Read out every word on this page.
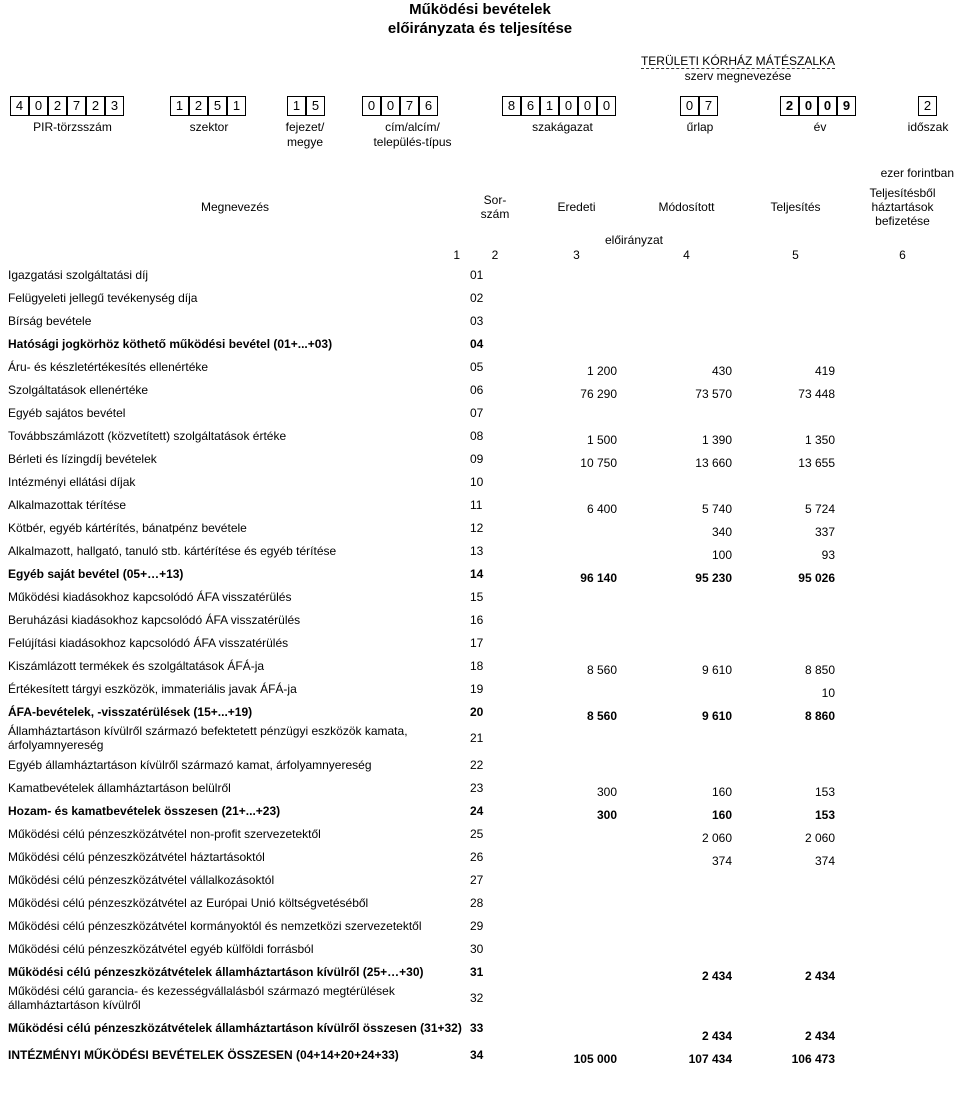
Működési bevételek
előirányzata és teljesítése
TERÜLETI KÓRHÁZ MÁTÉSZALKA
szerv megnevezése
4 0 2 7 2 3	1 2 5 1	1 5	0 0 7 6	8 6 1 0 0 0	0 7	2 0 0 9	2
PIR-törzsszám	szektor	fejezet/
megye
cím/alcím/
település-típus
szakágazat	űrlap	év	időszak
ezer forintban
Megnevezés	Sor-
szám	Eredeti	Módosított	Teljesítés	Teljesítésből
háztartások
befizetése
		előirányzat			
1	2	3	4	5	6
Igazgatási szolgáltatási díj	01				
Felügyeleti jellegű tevékenység díja	02				
Bírság bevétele	03				
Hatósági jogkörhöz köthető működési bevétel (01+...+03)	04				
Áru- és készletértékesítés ellenértéke	05	1 200	430	419	
Szolgáltatások ellenértéke	06	76 290	73 570	73 448	
Egyéb sajátos bevétel	07				
Továbbszámlázott (közvetített) szolgáltatások értéke	08	1 500	1 390	1 350	
Bérleti és lízingdíj bevételek	09	10 750	13 660	13 655	
Intézményi ellátási díjak	10				
Alkalmazottak térítése	11	6 400	5 740	5 724	
Kötbér, egyéb kártérítés, bánatpénz bevétele	12		340	337	
Alkalmazott, hallgató, tanuló stb. kártérítése és egyéb térítése	13		100	93	
Egyéb saját bevétel (05+…+13)	14	96 140	95 230	95 026	
Működési kiadásokhoz kapcsolódó ÁFA visszatérülés	15				
Beruházási kiadásokhoz kapcsolódó ÁFA visszatérülés	16				
Felújítási kiadásokhoz kapcsolódó ÁFA visszatérülés	17				
Kiszámlázott termékek és szolgáltatások ÁFÁ-ja	18	8 560	9 610	8 850	
Értékesített tárgyi eszközök, immateriális javak ÁFÁ-ja	19			10	
ÁFA-bevételek, -visszatérülések (15+...+19)	20	8 560	9 610	8 860	
Államháztartáson kívülről származó befektetett pénzügyi eszközök kamata, árfolyamnyereség	21				
Egyéb államháztartáson kívülről származó kamat, árfolyamnyereség	22				
Kamatbevételek államháztartáson belülről	23	300	160	153	
Hozam- és kamatbevételek összesen (21+...+23)	24	300	160	153	
Működési célú pénzeszközátvétel non-profit szervezetektől	25		2 060	2 060	
Működési célú pénzeszközátvétel háztartásoktól	26		374	374	
Működési célú pénzeszközátvétel vállalkozásoktól	27				
Működési célú pénzeszközátvétel az Európai Unió költségvetéséből	28				
Működési célú pénzeszközátvétel kormányoktól és nemzetközi szervezetektől	29				
Működési célú pénzeszközátvétel egyéb külföldi forrásból	30				
Működési célú pénzeszközátvételek államháztartáson kívülről (25+…+30)	31		2 434	2 434	
Működési célú garancia- és kezességvállalásból származó megtérülések államháztartáson kívülről	32				
Működési célú pénzeszközátvételek államháztartáson kívülről összesen (31+32)	33		2 434	2 434	
INTÉZMÉNYI MŰKÖDÉSI BEVÉTELEK ÖSSZESEN (04+14+20+24+33)	34	105 000	107 434	106 473	
